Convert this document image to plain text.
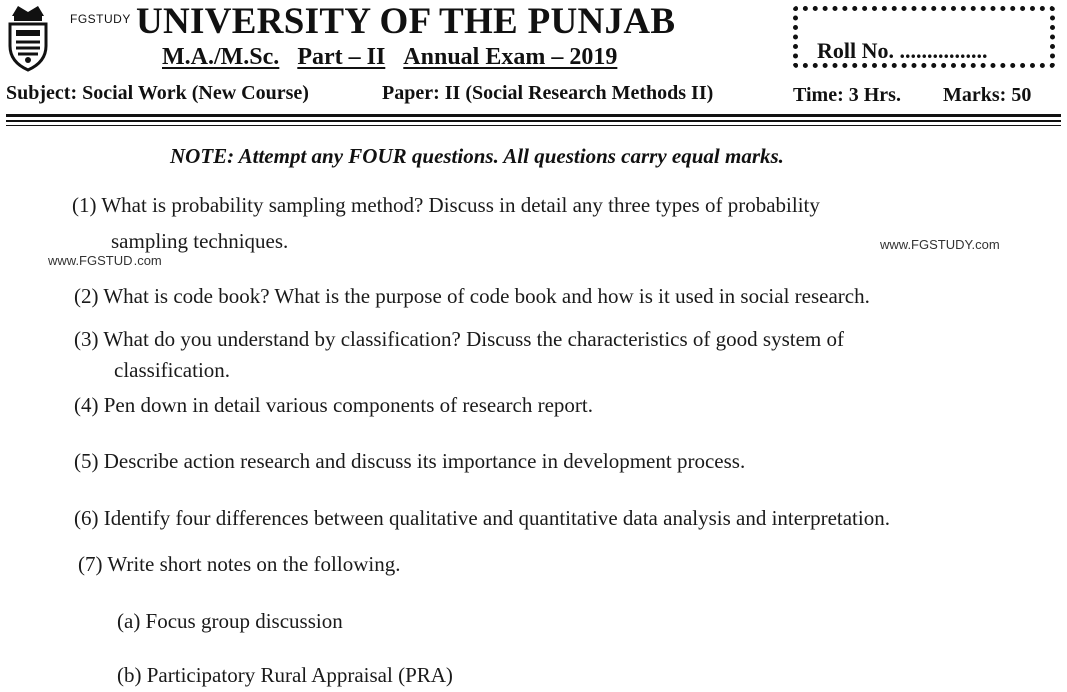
FGSTUDY UNIVERSITY OF THE PUNJAB
M.A./M.Sc. Part – II Annual Exam – 2019	Roll No. ................
Subject: Social Work (New Course)	Paper: II (Social Research Methods II)	Time: 3 Hrs. Marks: 50
NOTE: Attempt any FOUR questions. All questions carry equal marks.
(1) What is probability sampling method? Discuss in detail any three types of probability
sampling techniques.	www.FGSTUDY.com
www.FGSTUD .com
(2) What is code book? What is the purpose of code book and how is it used in social research.
(3) What do you understand by classification? Discuss the characteristics of good system of
classification.
(4) Pen down in detail various components of research report.
(5) Describe action research and discuss its importance in development process.
(6) Identify four differences between qualitative and quantitative data analysis and interpretation.
(7) Write short notes on the following.
(a) Focus group discussion
(b) Participatory Rural Appraisal (PRA)
